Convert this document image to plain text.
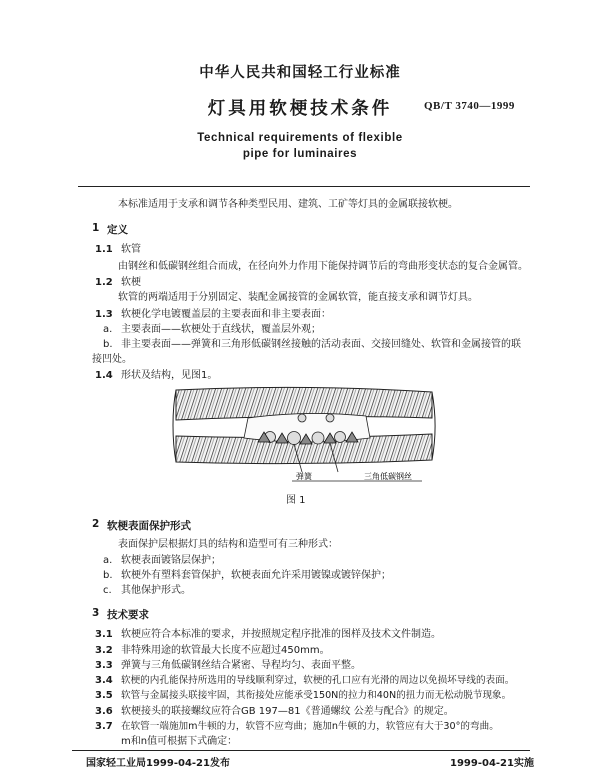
中华人民共和国轻工行业标准
灯具用软梗技术条件	QB/T 3740—1999
Technical requirements of flexible
pipe for luminaires
本标准适用于支承和调节各种类型民用、建筑、工矿等灯具的金属联接软梗。
1 定义
1.1 软管
由钢丝和低碳钢丝组合而成，在径向外力作用下能保持调节后的弯曲形变状态的复合金属管。
1.2 软梗
软管的两端适用于分别固定、装配金属接管的金属软管，能直接支承和调节灯具。
1.3 软梗化学电镀覆盖层的主要表面和非主要表面：
a. 主要表面——软梗处于直线状，覆盖层外观；
b. 非主要表面——弹簧和三角形低碳钢丝接触的活动表面、交接回缝处、软管和金属接管的联
接凹处。
1.4 形状及结构，见图1。
弹簧	三角低碳钢丝
图 1
2 软梗表面保护形式
表面保护层根据灯具的结构和造型可有三种形式：
a. 软梗表面镀铬层保护；
b. 软梗外有塑料套管保护，软梗表面允许采用镀镍或镀锌保护；
c. 其他保护形式。
3 技术要求
3.1 软梗应符合本标准的要求，并按照规定程序批准的图样及技术文件制造。
3.2 非特殊用途的软管最大长度不应超过450mm。
3.3 弹簧与三角低碳钢丝结合紧密、导程均匀、表面平整。
3.4 软梗的内孔能保持所选用的导线顺利穿过，软梗的孔口应有光滑的周边以免损坏导线的表面。
3.5 软管与金属接头联接牢固，其衔接处应能承受150N的拉力和40N的扭力而无松动脱节现象。
3.6 软梗接头的联接螺纹应符合GB 197—81《普通螺纹 公差与配合》的规定。
3.7 在软管一端施加m牛顿的力，软管不应弯曲；施加n牛顿的力，软管应有大于30°的弯曲。
m和n值可根据下式确定：
国家轻工业局1999-04-21发布	1999-04-21实施
